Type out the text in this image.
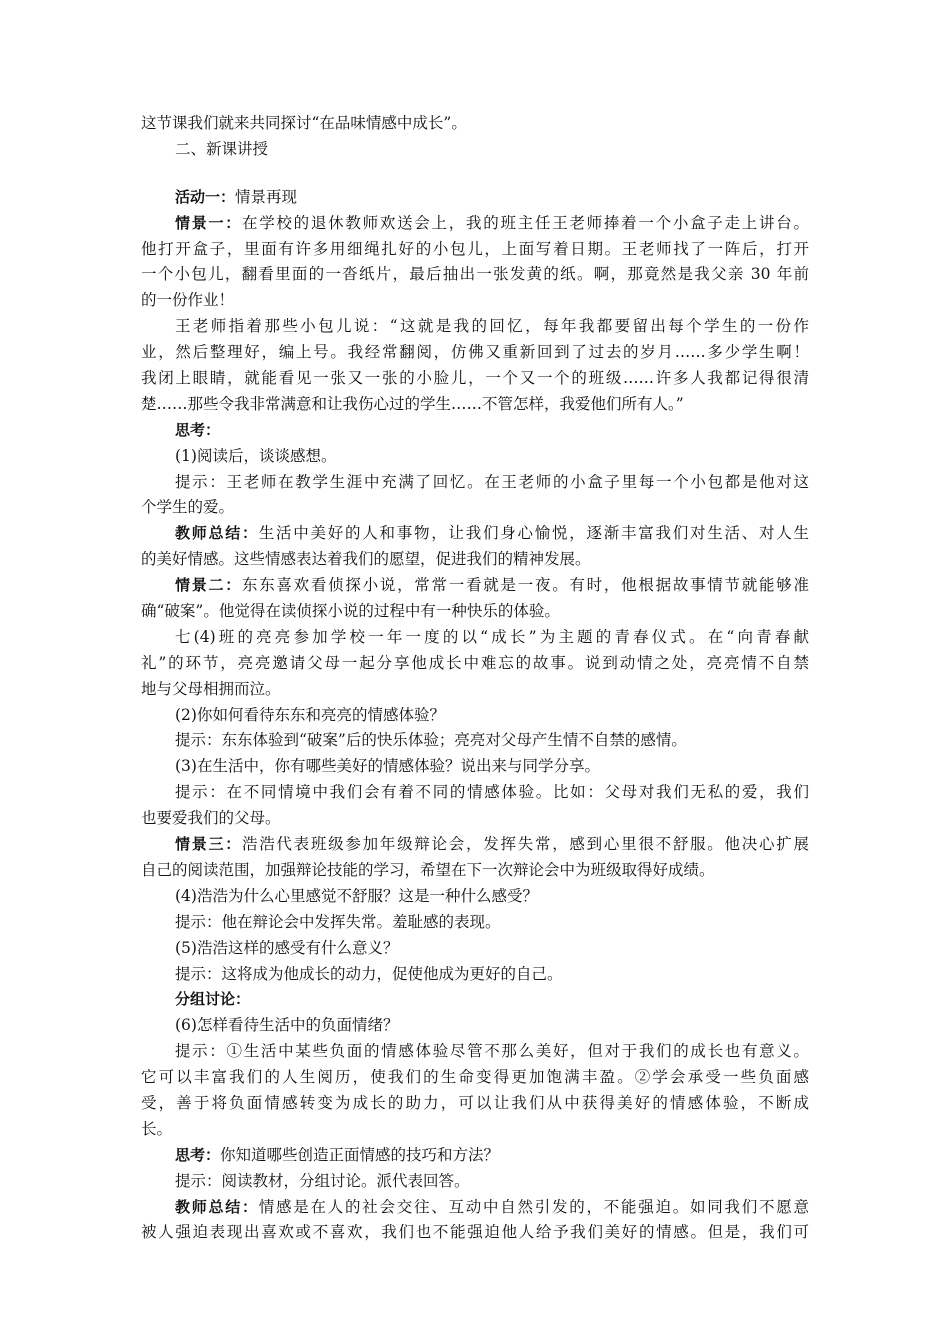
这节课我们就来共同探讨“在品味情感中成长”。
二、新课讲授
活动一：情景再现
情景一：在学校的退休教师欢送会上，我的班主任王老师捧着一个小盒子走上讲台。
他打开盒子，里面有许多用细绳扎好的小包儿，上面写着日期。王老师找了一阵后，打开
一个小包儿，翻看里面的一沓纸片，最后抽出一张发黄的纸。啊，那竟然是我父亲 30 年前
的一份作业！
王老师指着那些小包儿说：“这就是我的回忆，每年我都要留出每个学生的一份作
业，然后整理好，编上号。我经常翻阅，仿佛又重新回到了过去的岁月……多少学生啊！
我闭上眼睛，就能看见一张又一张的小脸儿，一个又一个的班级……许多人我都记得很清
楚……那些令我非常满意和让我伤心过的学生……不管怎样，我爱他们所有人。”
思考：
(1)阅读后，谈谈感想。
提示：王老师在教学生涯中充满了回忆。在王老师的小盒子里每一个小包都是他对这
个学生的爱。
教师总结：生活中美好的人和事物，让我们身心愉悦，逐渐丰富我们对生活、对人生
的美好情感。这些情感表达着我们的愿望，促进我们的精神发展。
情景二：东东喜欢看侦探小说，常常一看就是一夜。有时，他根据故事情节就能够准
确“破案”。他觉得在读侦探小说的过程中有一种快乐的体验。
七(4)班的亮亮参加学校一年一度的以“成长”为主题的青春仪式。在“向青春献
礼”的环节，亮亮邀请父母一起分享他成长中难忘的故事。说到动情之处，亮亮情不自禁
地与父母相拥而泣。
(2)你如何看待东东和亮亮的情感体验？
提示：东东体验到“破案”后的快乐体验；亮亮对父母产生情不自禁的感情。
(3)在生活中，你有哪些美好的情感体验？说出来与同学分享。
提示：在不同情境中我们会有着不同的情感体验。比如：父母对我们无私的爱，我们
也要爱我们的父母。
情景三：浩浩代表班级参加年级辩论会，发挥失常，感到心里很不舒服。他决心扩展
自己的阅读范围，加强辩论技能的学习，希望在下一次辩论会中为班级取得好成绩。
(4)浩浩为什么心里感觉不舒服？这是一种什么感受？
提示：他在辩论会中发挥失常。羞耻感的表现。
(5)浩浩这样的感受有什么意义？
提示：这将成为他成长的动力，促使他成为更好的自己。
分组讨论：
(6)怎样看待生活中的负面情绪？
提示：①生活中某些负面的情感体验尽管不那么美好，但对于我们的成长也有意义。
它可以丰富我们的人生阅历，使我们的生命变得更加饱满丰盈。②学会承受一些负面感
受，善于将负面情感转变为成长的助力，可以让我们从中获得美好的情感体验，不断成
长。
思考：你知道哪些创造正面情感的技巧和方法？
提示：阅读教材，分组讨论。派代表回答。
教师总结：情感是在人的社会交往、互动中自然引发的，不能强迫。如同我们不愿意
被人强迫表现出喜欢或不喜欢，我们也不能强迫他人给予我们美好的情感。但是，我们可
